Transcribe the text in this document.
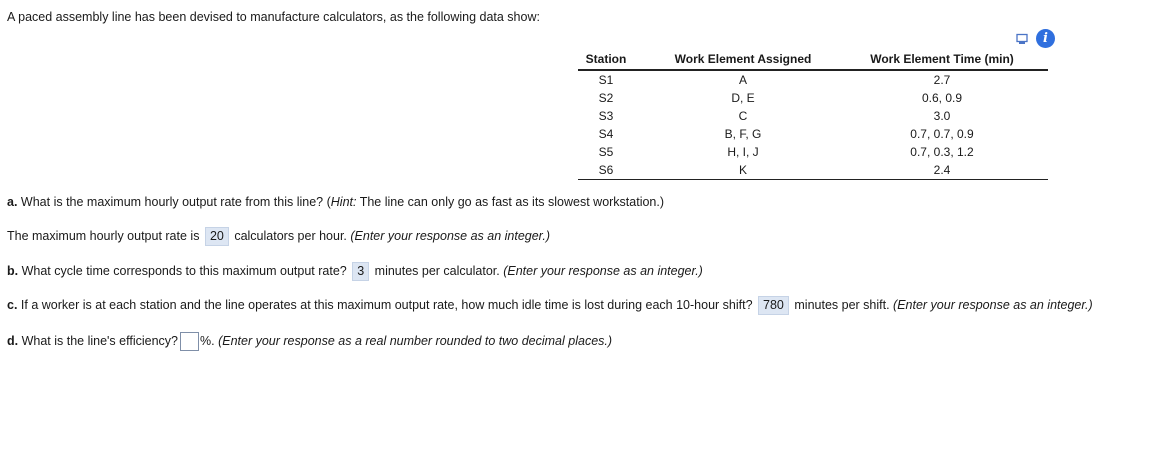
A paced assembly line has been devised to manufacture calculators, as the following data show:
i
Station		Work Element Assigned		Work Element Time (min)	
S1		A		2.7	
S2		D, E		0.6, 0.9	
S3		C		3.0	
S4		B, F, G		0.7, 0.7, 0.9	
S5		H, I, J		0.7, 0.3, 1.2	
S6		K		2.4	
a. What is the maximum hourly output rate from this line? (Hint: The line can only go as fast as its slowest workstation.)
The maximum hourly output rate is 20 calculators per hour. (Enter your response as an integer.)
b. What cycle time corresponds to this maximum output rate? 3 minutes per calculator. (Enter your response as an integer.)
c. If a worker is at each station and the line operates at this maximum output rate, how much idle time is lost during each 10-hour shift? 780 minutes per shift. (Enter your response as an integer.)
d. What is the line's efficiency? %. (Enter your response as a real number rounded to two decimal places.)
